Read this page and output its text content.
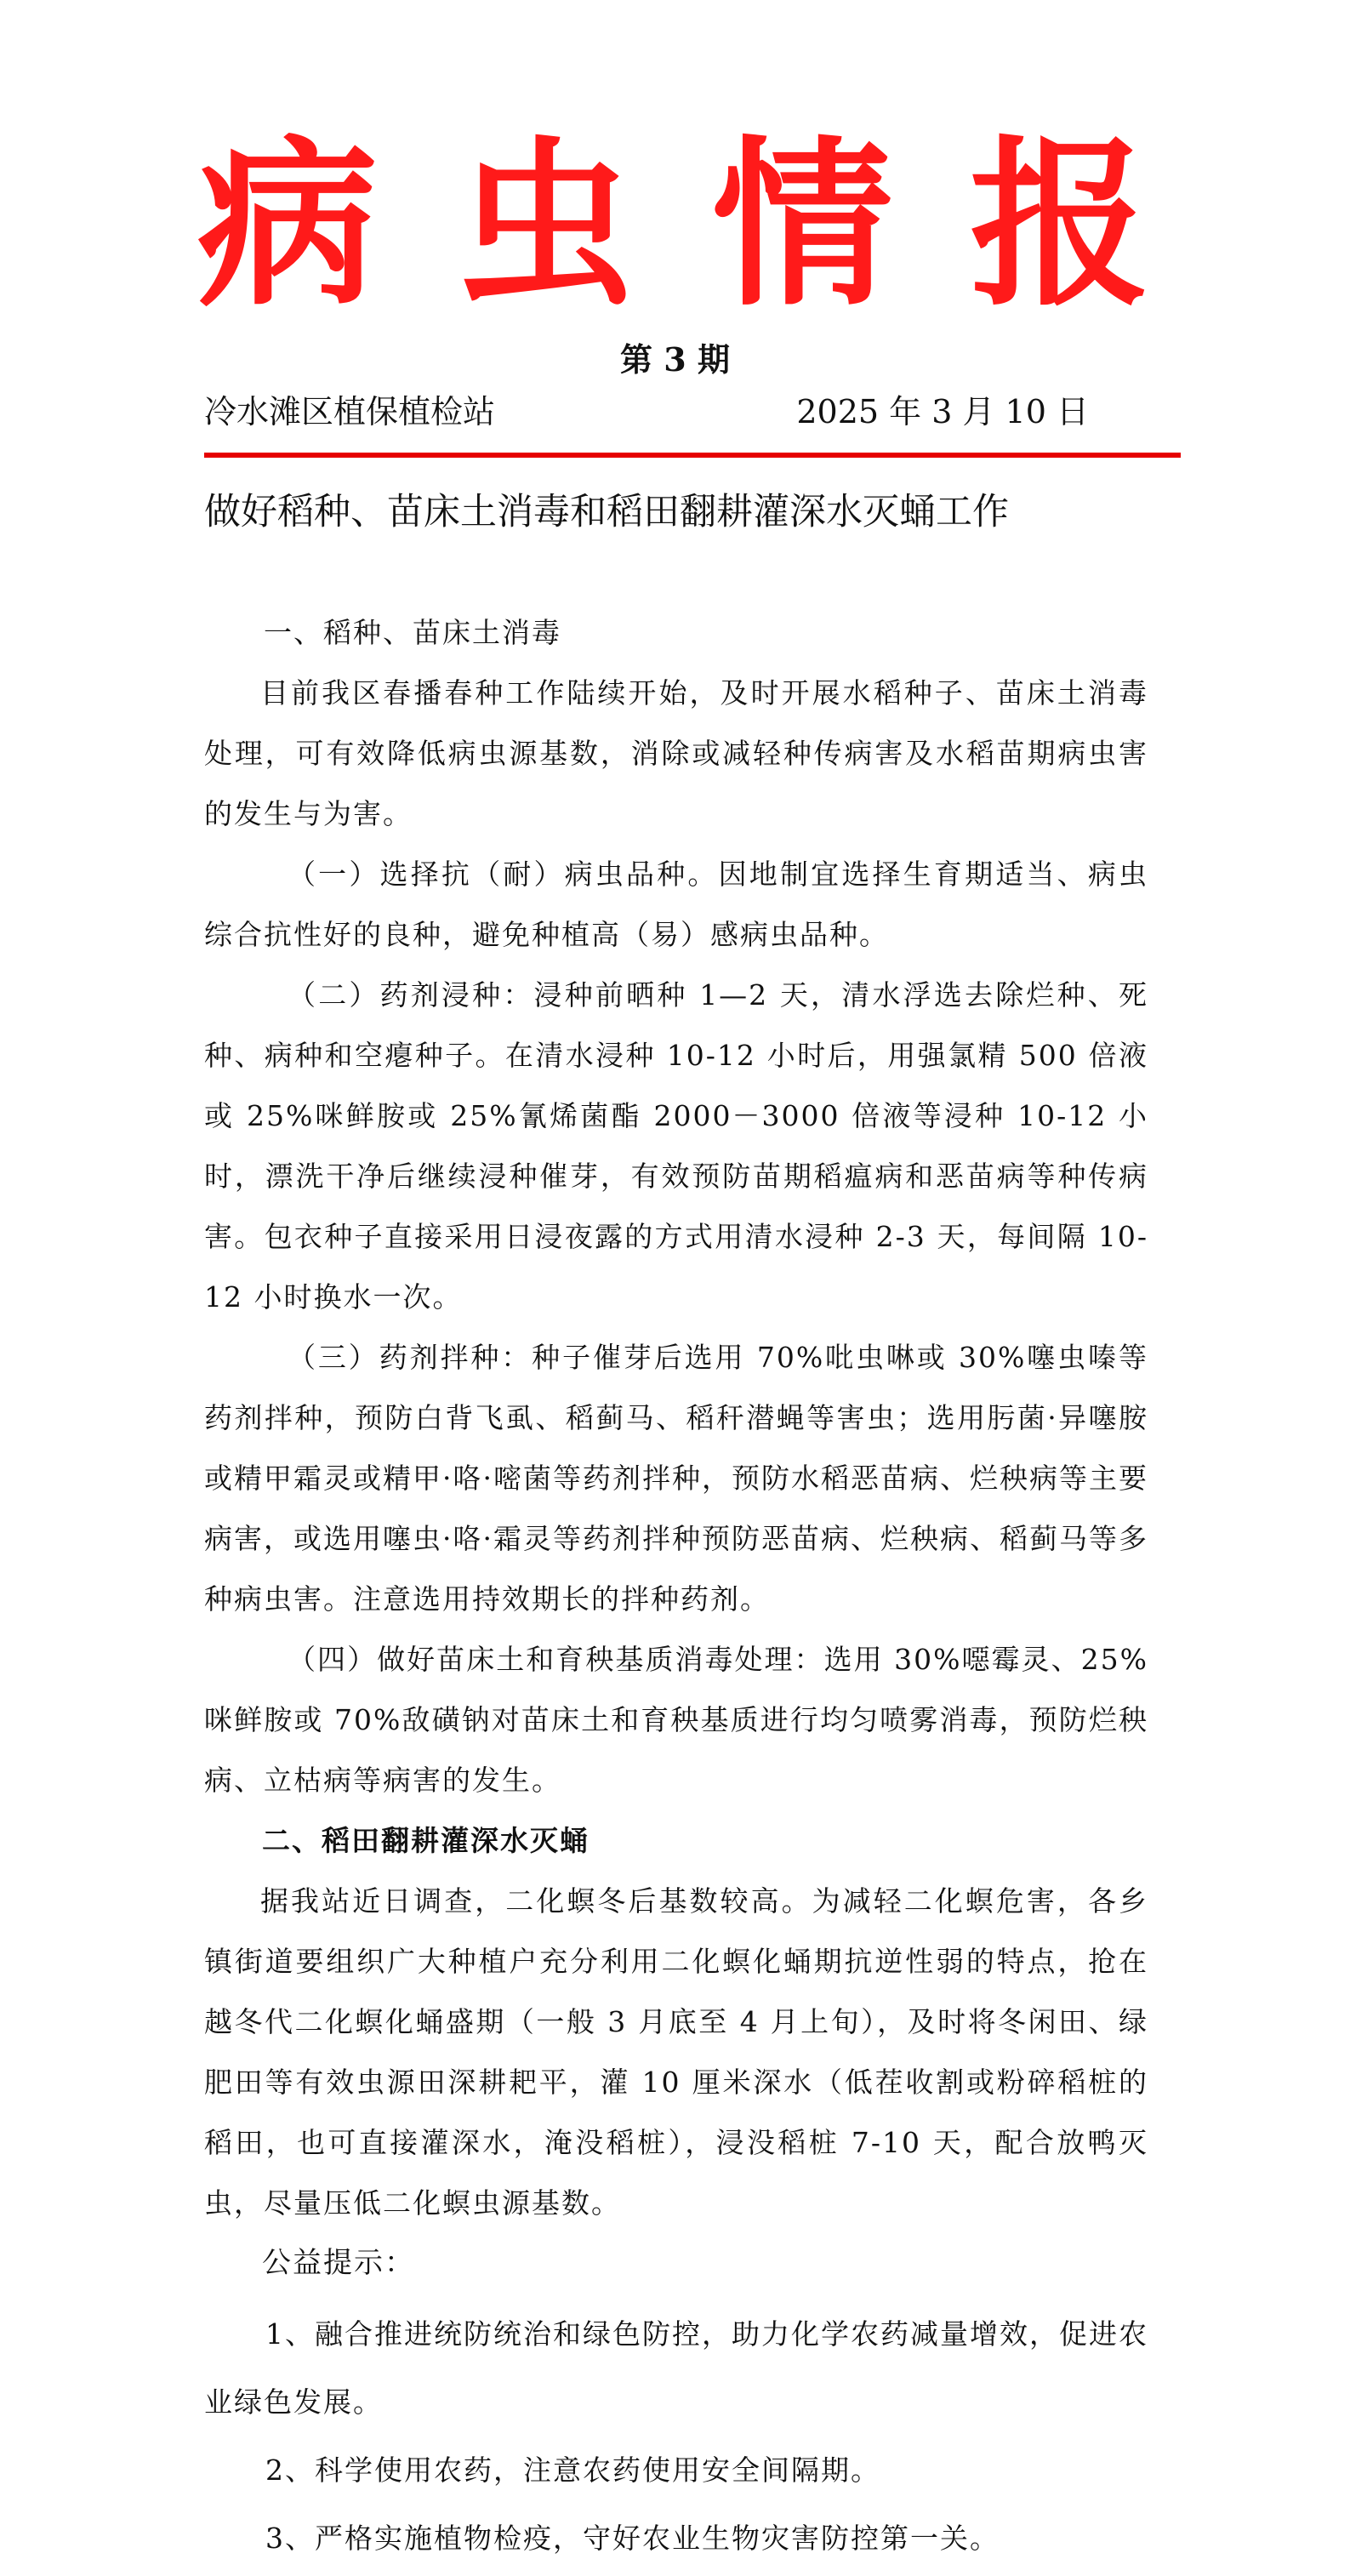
病 虫 情 报
第 3 期
冷水滩区植保植检站	2025 年 3 月 10 日
做好稻种、苗床土消毒和稻田翻耕灌深水灭蛹工作

一、稻种、苗床土消毒

目前我区春播春种工作陆续开始，及时开展水稻种子、苗床土消毒处理，可有效降低病虫源基数，消除或减轻种传病害及水稻苗期病虫害的发生与为害。

（一）选择抗（耐）病虫品种。因地制宜选择生育期适当、病虫综合抗性好的良种，避免种植高（易）感病虫品种。

（二）药剂浸种：浸种前晒种 1—2 天，清水浮选去除烂种、死种、病种和空瘪种子。在清水浸种 10-12 小时后，用强氯精 500 倍液或 25%咪鲜胺或 25%氰烯菌酯 2000－3000 倍液等浸种 10-12 小时，漂洗干净后继续浸种催芽，有效预防苗期稻瘟病和恶苗病等种传病害。包衣种子直接采用日浸夜露的方式用清水浸种 2-3 天，每间隔 10-12 小时换水一次。

（三）药剂拌种：种子催芽后选用 70%吡虫啉或 30%噻虫嗪等药剂拌种，预防白背飞虱、稻蓟马、稻秆潜蝇等害虫；选用肟菌·异噻胺或精甲霜灵或精甲·咯·嘧菌等药剂拌种，预防水稻恶苗病、烂秧病等主要病害，或选用噻虫·咯·霜灵等药剂拌种预防恶苗病、烂秧病、稻蓟马等多种病虫害。注意选用持效期长的拌种药剂。

（四）做好苗床土和育秧基质消毒处理：选用 30%噁霉灵、25%咪鲜胺或 70%敌磺钠对苗床土和育秧基质进行均匀喷雾消毒，预防烂秧病、立枯病等病害的发生。

二、稻田翻耕灌深水灭蛹

据我站近日调查，二化螟冬后基数较高。为减轻二化螟危害，各乡镇街道要组织广大种植户充分利用二化螟化蛹期抗逆性弱的特点，抢在越冬代二化螟化蛹盛期（一般 3 月底至 4 月上旬），及时将冬闲田、绿肥田等有效虫源田深耕耙平，灌 10 厘米深水（低茬收割或粉碎稻桩的稻田，也可直接灌深水，淹没稻桩），浸没稻桩 7-10 天，配合放鸭灭虫，尽量压低二化螟虫源基数。

公益提示：

1、融合推进统防统治和绿色防控，助力化学农药减量增效，促进农业绿色发展。

2、科学使用农药，注意农药使用安全间隔期。

3、严格实施植物检疫，守好农业生物灾害防控第一关。
